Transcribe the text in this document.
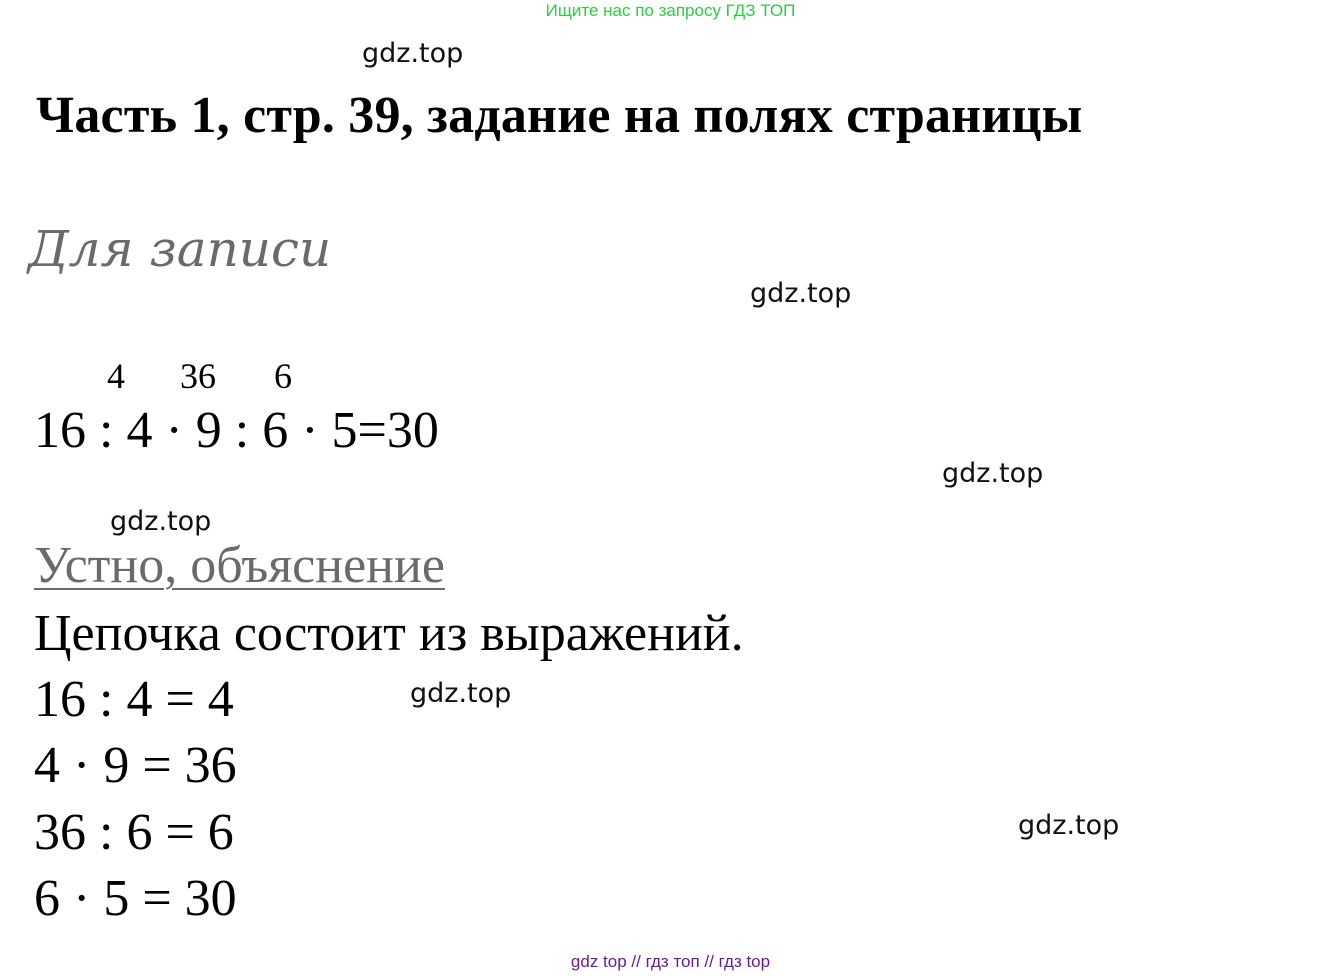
Ищите нас по запросу ГДЗ ТОП
gdz.top
Часть 1, стр. 39, задание на полях страницы
Для записи
gdz.top
4 36 6
16 : 4 · 9 : 6 · 5=30
gdz.top
gdz.top
Устно, объяснение
Цепочка состоит из выражений.
16 : 4 = 4	gdz.top
4 · 9 = 36
36 : 6 = 6	gdz.top
6 · 5 = 30
gdz top // гдз топ // гдз top
